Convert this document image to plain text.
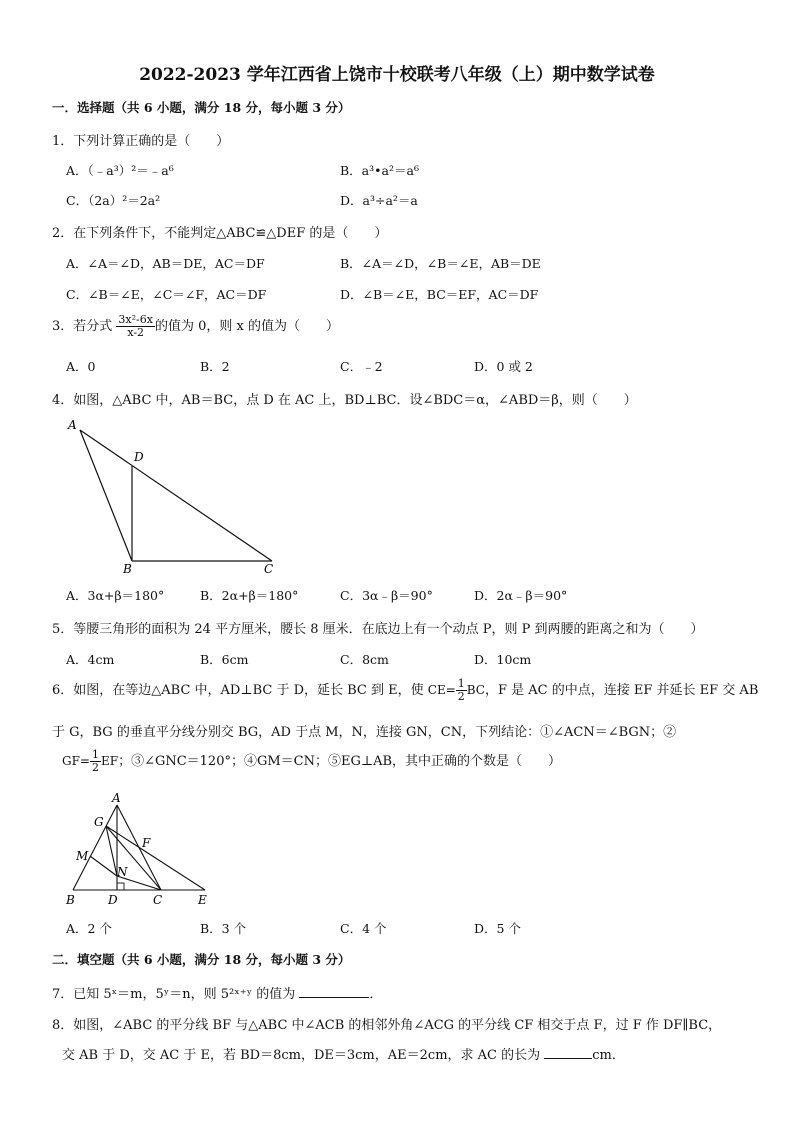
2022-2023 学年江西省上饶市十校联考八年级（上）期中数学试卷
一．选择题（共 6 小题，满分 18 分，每小题 3 分）
1．下列计算正确的是（　　）
A．（﹣a³）²＝﹣a⁶	B．a³•a²＝a⁶
C．（2a）²＝2a²	D．a³÷a²＝a
2．在下列条件下，不能判定△ABC≌△DEF 的是（　　）
A．∠A＝∠D，AB＝DE，AC＝DF	B．∠A＝∠D，∠B＝∠E，AB＝DE
C．∠B＝∠E，∠C＝∠F，AC＝DF	D．∠B＝∠E，BC＝EF，AC＝DF
3．若分式 $\frac{\text{3x²-6x}}{x-2}$ 的值为 0，则 x 的值为（　　）
A．0	B．2	C．﹣2	D．0 或 2
4．如图，△ABC 中，AB＝BC，点 D 在 AC 上，BD⊥BC．设∠BDC＝α，∠ABD＝β，则（　　）
A
D
B	C
A．3α+β＝180°	B．2α+β＝180°	C．3α﹣β＝90°	D．2α﹣β＝90°
5．等腰三角形的面积为 24 平方厘米，腰长 8 厘米．在底边上有一个动点 P，则 P 到两腰的距离之和为（　　）
A．4cm	B．6cm	C．8cm	D．10cm
6．如图，在等边△ABC 中，AD⊥BC 于 D，延长 BC 到 E，使 $CE= \frac{1}{2}$ BC，F 是 AC 的中点，连接 EF 并延长 EF 交 AB
于 G，BG 的垂直平分线分别交 BG，AD 于点 M，N，连接 GN，CN，下列结论：①∠ACN＝∠BGN；②
$GF= \frac{1}{2}$ EF；③∠GNC＝120°；④GM＝CN；⑤EG⊥AB，其中正确的个数是（　　）
A
G
F
M
N
B	D	C	E
A．2 个	B．3 个	C．4 个	D．5 个
二．填空题（共 6 小题，满分 18 分，每小题 3 分）
7．已知 5ˣ＝m，5ʸ＝n，则 5²ˣ⁺ʸ 的值为	．
8．如图，∠ABC 的平分线 BF 与△ABC 中∠ACB 的相邻外角∠ACG 的平分线 CF 相交于点 F，过 F 作 DF∥BC，
交 AB 于 D，交 AC 于 E，若 BD＝8cm，DE＝3cm，AE＝2cm，求 AC 的长为	cm．
